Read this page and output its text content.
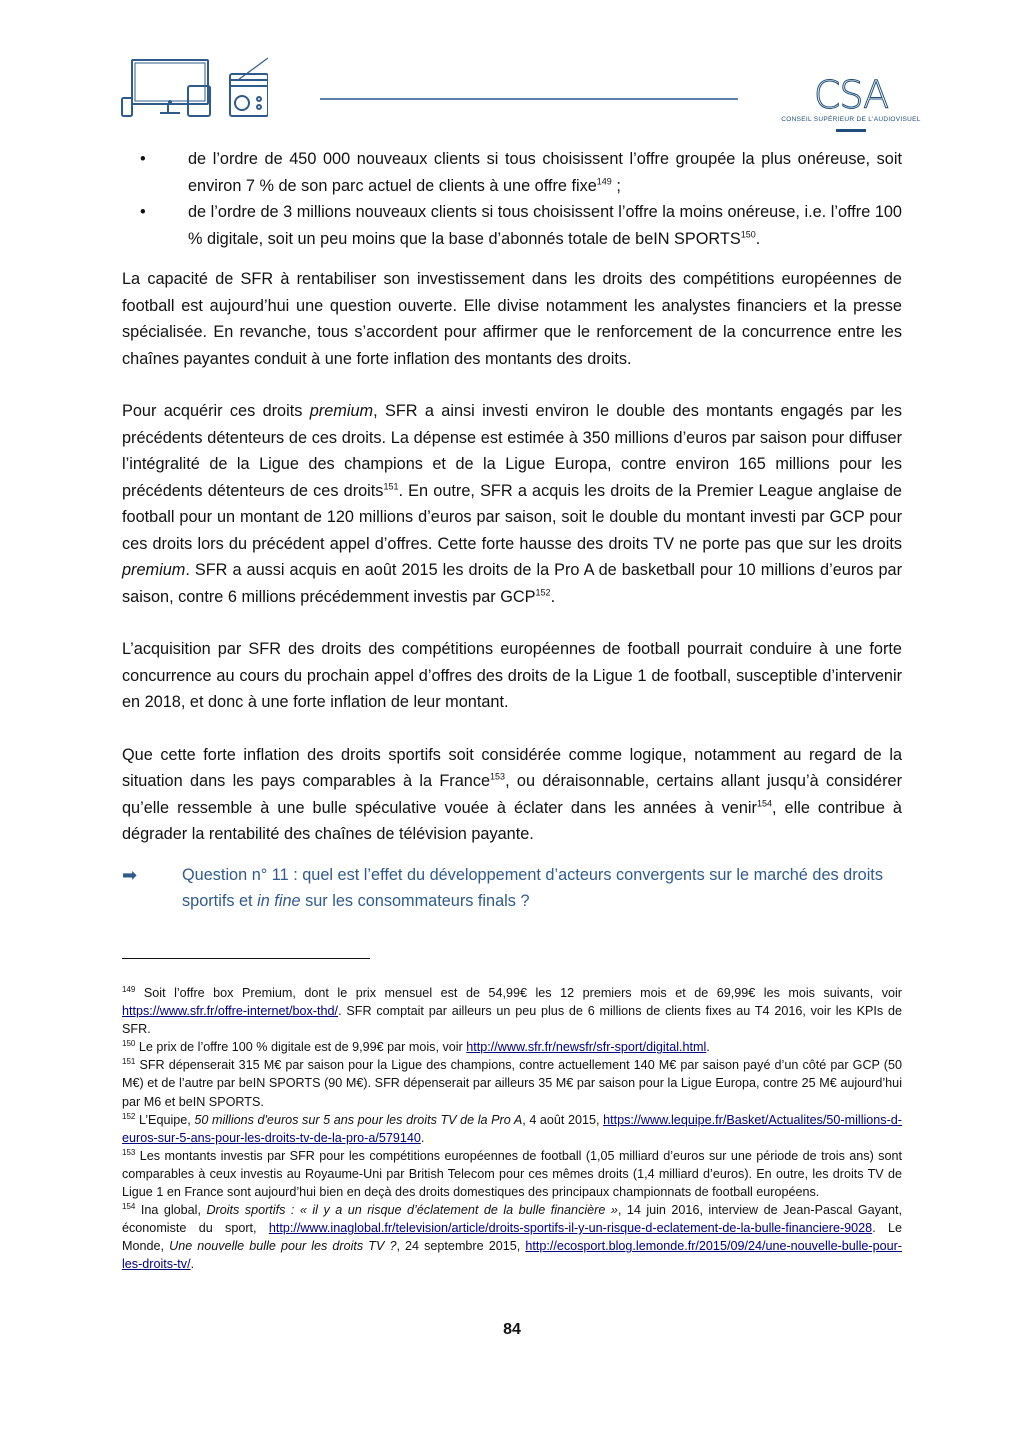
CSA
CONSEIL SUPÉRIEUR DE L'AUDIOVISUEL
•	de l’ordre de 450 000 nouveaux clients si tous choisissent l’offre groupée la plus onéreuse, soit environ 7 % de son parc actuel de clients à une offre fixe$^{149}$ ;
•	de l’ordre de 3 millions nouveaux clients si tous choisissent l’offre la moins onéreuse, i.e. l’offre 100 % digitale, soit un peu moins que la base d’abonnés totale de beIN SPORTS$^{150}$.

La capacité de SFR à rentabiliser son investissement dans les droits des compétitions européennes de football est aujourd’hui une question ouverte. Elle divise notamment les analystes financiers et la presse spécialisée. En revanche, tous s’accordent pour affirmer que le renforcement de la concurrence entre les chaînes payantes conduit à une forte inflation des montants des droits.

Pour acquérir ces droits premium, SFR a ainsi investi environ le double des montants engagés par les précédents détenteurs de ces droits. La dépense est estimée à 350 millions d’euros par saison pour diffuser l’intégralité de la Ligue des champions et de la Ligue Europa, contre environ 165 millions pour les précédents détenteurs de ces droits$^{151}$. En outre, SFR a acquis les droits de la Premier League anglaise de football pour un montant de 120 millions d’euros par saison, soit le double du montant investi par GCP pour ces droits lors du précédent appel d’offres. Cette forte hausse des droits TV ne porte pas que sur les droits premium. SFR a aussi acquis en août 2015 les droits de la Pro A de basketball pour 10 millions d’euros par saison, contre 6 millions précédemment investis par GCP$^{152}$.

L’acquisition par SFR des droits des compétitions européennes de football pourrait conduire à une forte concurrence au cours du prochain appel d’offres des droits de la Ligue 1 de football, susceptible d’intervenir en 2018, et donc à une forte inflation de leur montant.

Que cette forte inflation des droits sportifs soit considérée comme logique, notamment au regard de la situation dans les pays comparables à la France$^{153}$, ou déraisonnable, certains allant jusqu’à considérer qu’elle ressemble à une bulle spéculative vouée à éclater dans les années à venir$^{154}$, elle contribue à dégrader la rentabilité des chaînes de télévision payante.

➡	Question n° 11 : quel est l’effet du développement d’acteurs convergents sur le marché des droits sportifs et in fine sur les consommateurs finals ?

$^{149}$ Soit l’offre box Premium, dont le prix mensuel est de 54,99€ les 12 premiers mois et de 69,99€ les mois suivants, voir https://www.sfr.fr/offre-internet/box-thd/. SFR comptait par ailleurs un peu plus de 6 millions de clients fixes au T4 2016, voir les KPIs de SFR.

$^{150}$ Le prix de l’offre 100 % digitale est de 9,99€ par mois, voir http://www.sfr.fr/newsfr/sfr-sport/digital.html.

$^{151}$ SFR dépenserait 315 M€ par saison pour la Ligue des champions, contre actuellement 140 M€ par saison payé d’un côté par GCP (50 M€) et de l’autre par beIN SPORTS (90 M€). SFR dépenserait par ailleurs 35 M€ par saison pour la Ligue Europa, contre 25 M€ aujourd’hui par M6 et beIN SPORTS.

$^{152}$ L’Equipe, 50 millions d'euros sur 5 ans pour les droits TV de la Pro A, 4 août 2015, https://www.lequipe.fr/Basket/Actualites/50-millions-d-euros-sur-5-ans-pour-les-droits-tv-de-la-pro-a/579140.

$^{153}$ Les montants investis par SFR pour les compétitions européennes de football (1,05 milliard d’euros sur une période de trois ans) sont comparables à ceux investis au Royaume-Uni par British Telecom pour ces mêmes droits (1,4 milliard d’euros). En outre, les droits TV de Ligue 1 en France sont aujourd’hui bien en deçà des droits domestiques des principaux championnats de football européens.

$^{154}$ Ina global, Droits sportifs : « il y a un risque d’éclatement de la bulle financière », 14 juin 2016, interview de Jean-Pascal Gayant, économiste du sport, http://www.inaglobal.fr/television/article/droits-sportifs-il-y-un-risque-d-eclatement-de-la-bulle-financiere-9028. Le Monde, Une nouvelle bulle pour les droits TV ?, 24 septembre 2015, http://ecosport.blog.lemonde.fr/2015/09/24/une-nouvelle-bulle-pour-les-droits-tv/.

84
